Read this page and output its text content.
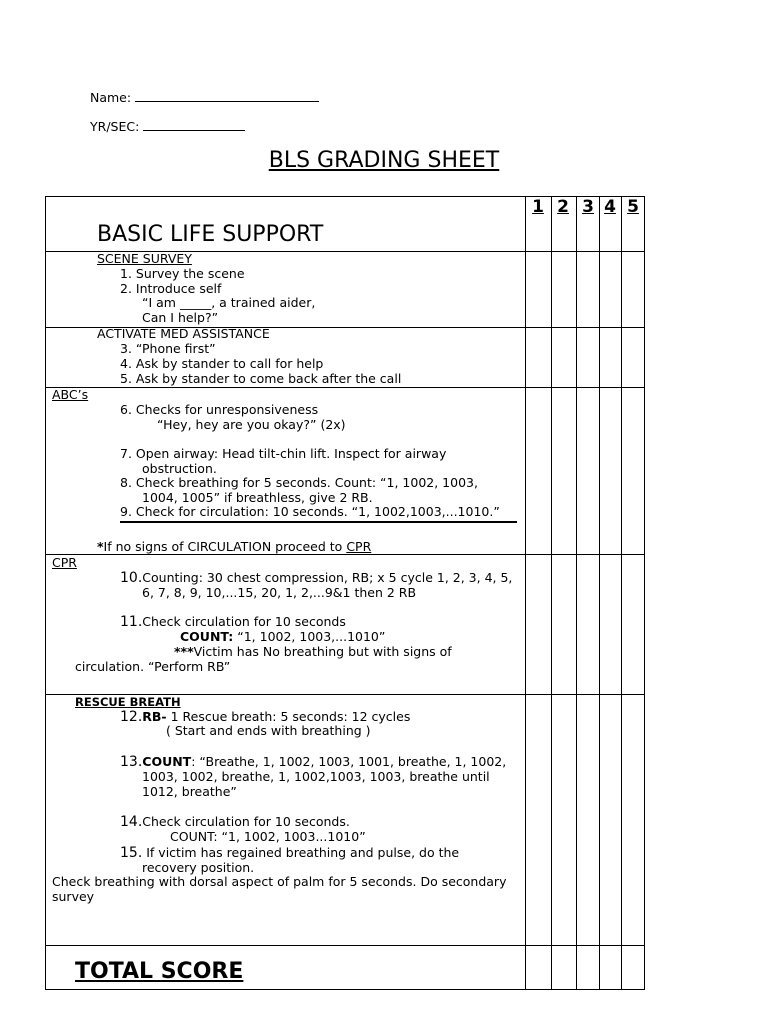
Name:
YR/SEC:
BLS GRADING SHEET
1 2 3 4 5
BASIC LIFE SUPPORT
SCENE SURVEY
1. Survey the scene
2. Introduce self
“I am _____, a trained aider,
Can I help?”
ACTIVATE MED ASSISTANCE
3. “Phone first”
4. Ask by stander to call for help
5. Ask by stander to come back after the call
ABC’s
6. Checks for unresponsiveness
“Hey, hey are you okay?” (2x)
7. Open airway: Head tilt-chin lift. Inspect for airway
obstruction.
8. Check breathing for 5 seconds. Count: “1, 1002, 1003,
1004, 1005” if breathless, give 2 RB.
9. Check for circulation: 10 seconds. “1, 1002,1003,...1010.”
*If no signs of CIRCULATION proceed to CPR
CPR
10.Counting: 30 chest compression, RB; x 5 cycle 1, 2, 3, 4, 5,
6, 7, 8, 9, 10,...15, 20, 1, 2,...9&1 then 2 RB
11.Check circulation for 10 seconds
COUNT: “1, 1002, 1003,...1010”
***Victim has No breathing but with signs of
circulation. “Perform RB”
RESCUE BREATH
12.RB- 1 Rescue breath: 5 seconds: 12 cycles
( Start and ends with breathing )
13.COUNT: “Breathe, 1, 1002, 1003, 1001, breathe, 1, 1002,
1003, 1002, breathe, 1, 1002,1003, 1003, breathe until
1012, breathe”
14.Check circulation for 10 seconds.
COUNT: “1, 1002, 1003...1010”
15. If victim has regained breathing and pulse, do the
recovery position.
Check breathing with dorsal aspect of palm for 5 seconds. Do secondary
survey
TOTAL SCORE
